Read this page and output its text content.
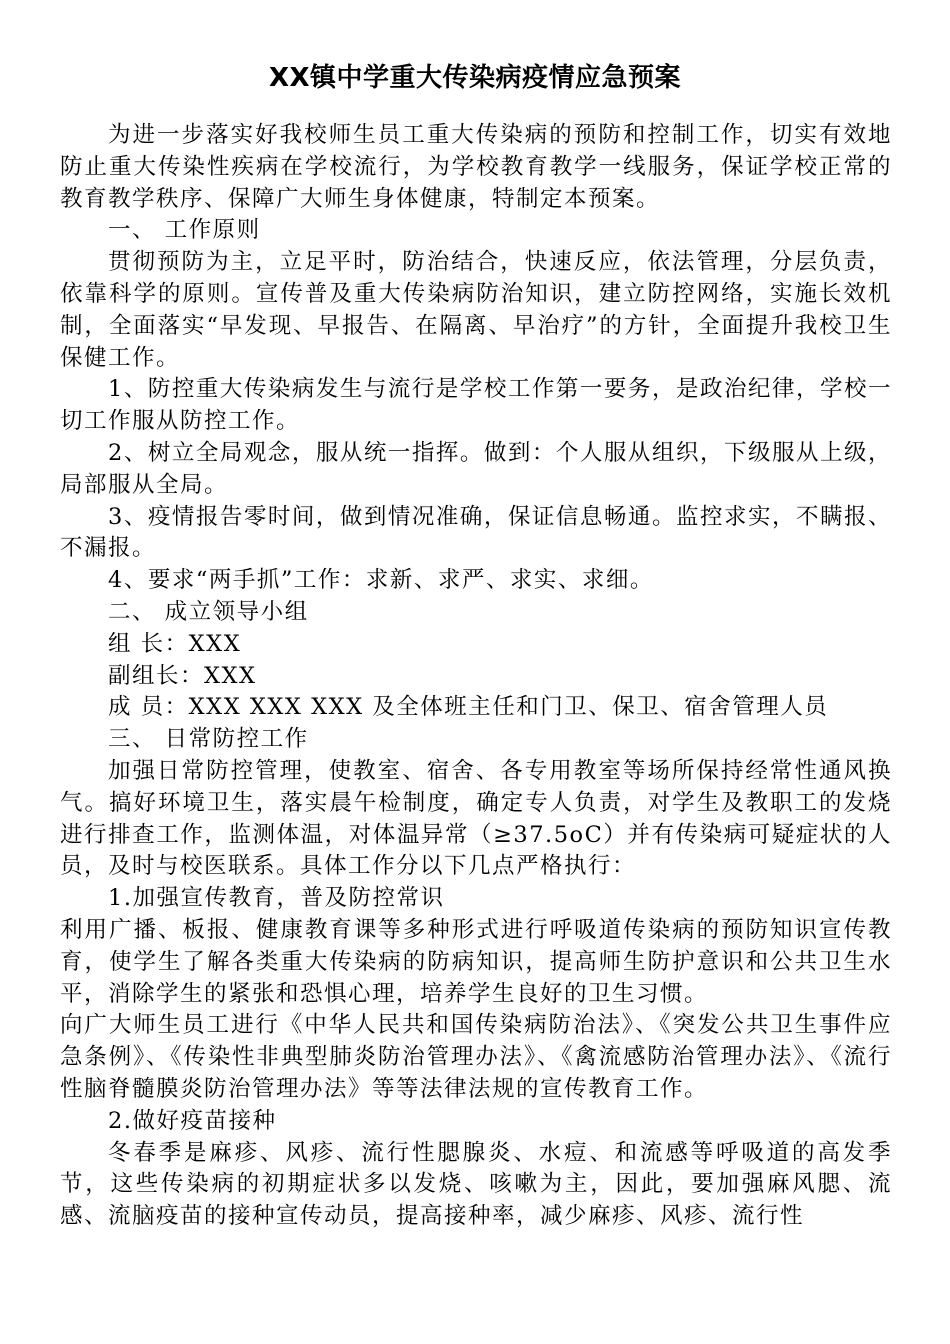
XX镇中学重大传染病疫情应急预案

为进一步落实好我校师生员工重大传染病的预防和控制工作，切实有效地防止重大传染性疾病在学校流行，为学校教育教学一线服务，保证学校正常的教育教学秩序、保障广大师生身体健康，特制定本预案。

一、 工作原则

贯彻预防为主，立足平时，防治结合，快速反应，依法管理，分层负责，依靠科学的原则。宣传普及重大传染病防治知识，建立防控网络，实施长效机制，全面落实“早发现、早报告、在隔离、早治疗”的方针，全面提升我校卫生保健工作。

1、防控重大传染病发生与流行是学校工作第一要务，是政治纪律，学校一切工作服从防控工作。

2、树立全局观念，服从统一指挥。做到：个人服从组织，下级服从上级，局部服从全局。

3、疫情报告零时间，做到情况准确，保证信息畅通。监控求实，不瞒报、不漏报。

4、要求“两手抓”工作：求新、求严、求实、求细。

二、 成立领导小组

组 长：XXX

副组长：XXX

成 员：XXX XXX XXX 及全体班主任和门卫、保卫、宿舍管理人员

三、 日常防控工作

加强日常防控管理，使教室、宿舍、各专用教室等场所保持经常性通风换气。搞好环境卫生，落实晨午检制度，确定专人负责，对学生及教职工的发烧进行排查工作，监测体温，对体温异常（≥37.5oC）并有传染病可疑症状的人员，及时与校医联系。具体工作分以下几点严格执行：

1.加强宣传教育，普及防控常识

利用广播、板报、健康教育课等多种形式进行呼吸道传染病的预防知识宣传教育，使学生了解各类重大传染病的防病知识，提高师生防护意识和公共卫生水平，消除学生的紧张和恐惧心理，培养学生良好的卫生习惯。

向广大师生员工进行《中华人民共和国传染病防治法》、《突发公共卫生事件应急条例》、《传染性非典型肺炎防治管理办法》、《禽流感防治管理办法》、《流行性脑脊髓膜炎防治管理办法》等等法律法规的宣传教育工作。

2.做好疫苗接种

冬春季是麻疹、风疹、流行性腮腺炎、水痘、和流感等呼吸道的高发季节，这些传染病的初期症状多以发烧、咳嗽为主，因此，要加强麻风腮、流感、流脑疫苗的接种宣传动员，提高接种率，减少麻疹、风疹、流行性
